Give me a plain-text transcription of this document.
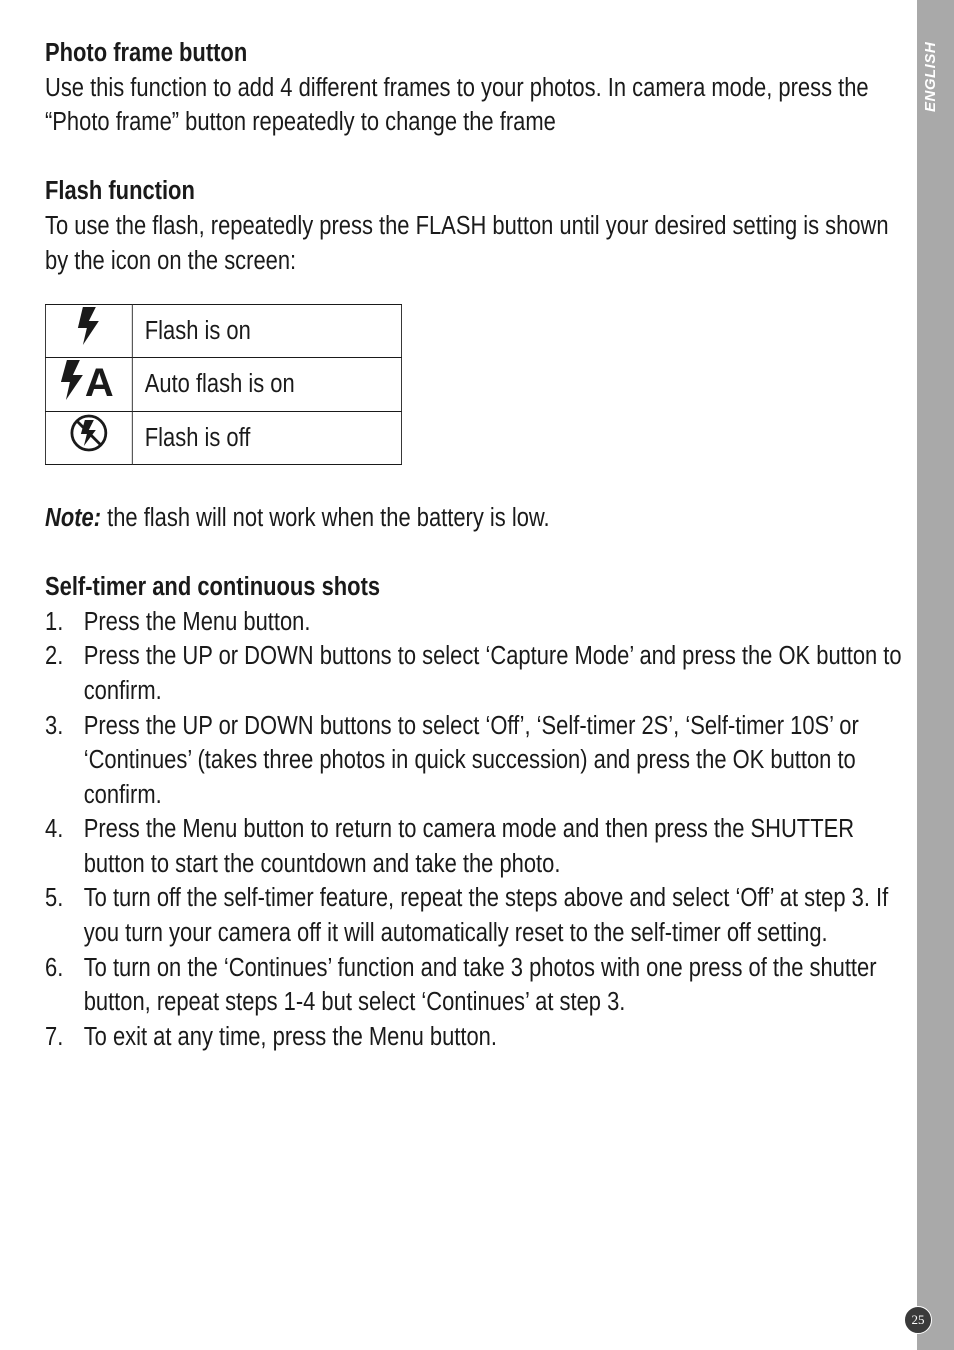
Photo frame button

Use this function to add 4 different frames to your photos. In camera mode, press the “Photo frame” button repeatedly to change the frame

Flash function

To use the flash, repeatedly press the FLASH button until your desired setting is shown by the icon on the screen:

	Flash is on

A	Auto flash is on
	Flash is off

Note: the flash will not work when the battery is low.

Self-timer and continuous shots

1. Press the Menu button.
2. Press the UP or DOWN buttons to select ‘Capture Mode’ and press the OK button to confirm.
3. Press the UP or DOWN buttons to select ‘Off’, ‘Self-timer 2S’, ‘Self-timer 10S’ or ‘Continues’ (takes three photos in quick succession) and press the OK button to confirm.
4. Press the Menu button to return to camera mode and then press the SHUTTER button to start the countdown and take the photo.
5. To turn off the self-timer feature, repeat the steps above and select ‘Off’ at step 3. If you turn your camera off it will automatically reset to the self-timer off setting.
6. To turn on the ‘Continues’ function and take 3 photos with one press of the shutter button, repeat steps 1-4 but select ‘Continues’ at step 3.
7. To exit at any time, press the Menu button.
ENGLISH
25
